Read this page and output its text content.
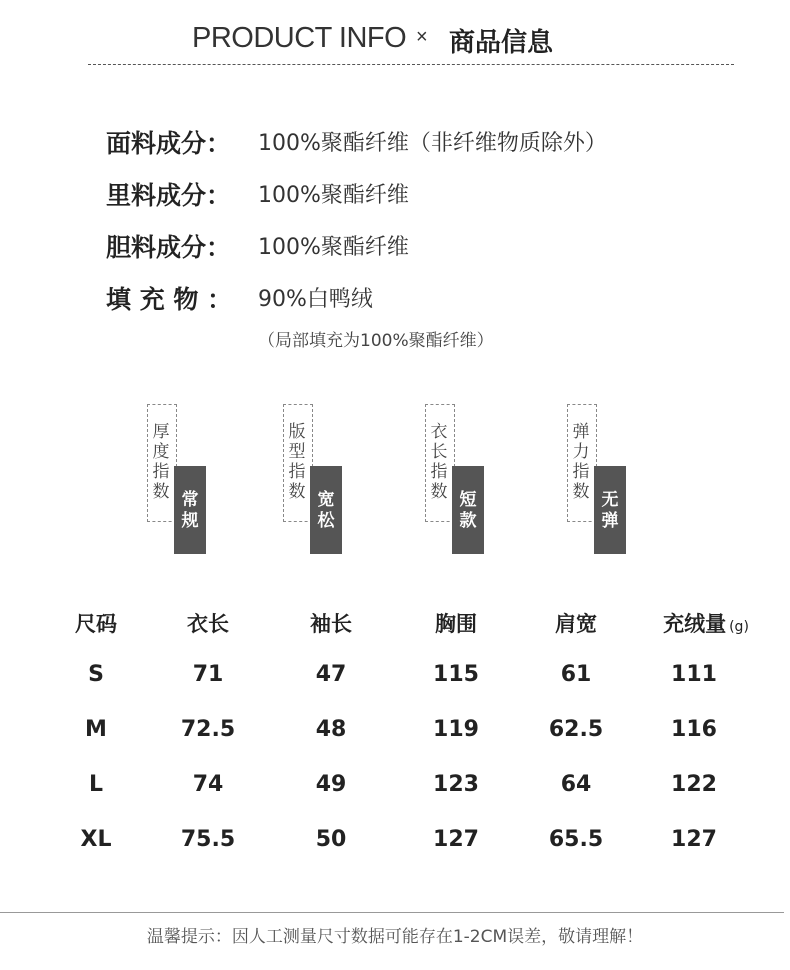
PRODUCT INFO × 商品信息
面料成分：	100%聚酯纤维（非纤维物质除外）
里料成分：	100%聚酯纤维
胆料成分：	100%聚酯纤维
填 充 物 ：	90%白鸭绒
（局部填充为100%聚酯纤维）
厚度指数 常规
版型指数 宽松
衣长指数 短款
弹力指数 无弹
尺码	衣长	袖长	胸围	肩宽	充绒量 (g)
S	71	47	115	61	111
M	72.5	48	119	62.5	116
L	74	49	123	64	122
XL	75.5	50	127	65.5	127
温馨提示：因人工测量尺寸数据可能存在1-2CM误差，敬请理解！
